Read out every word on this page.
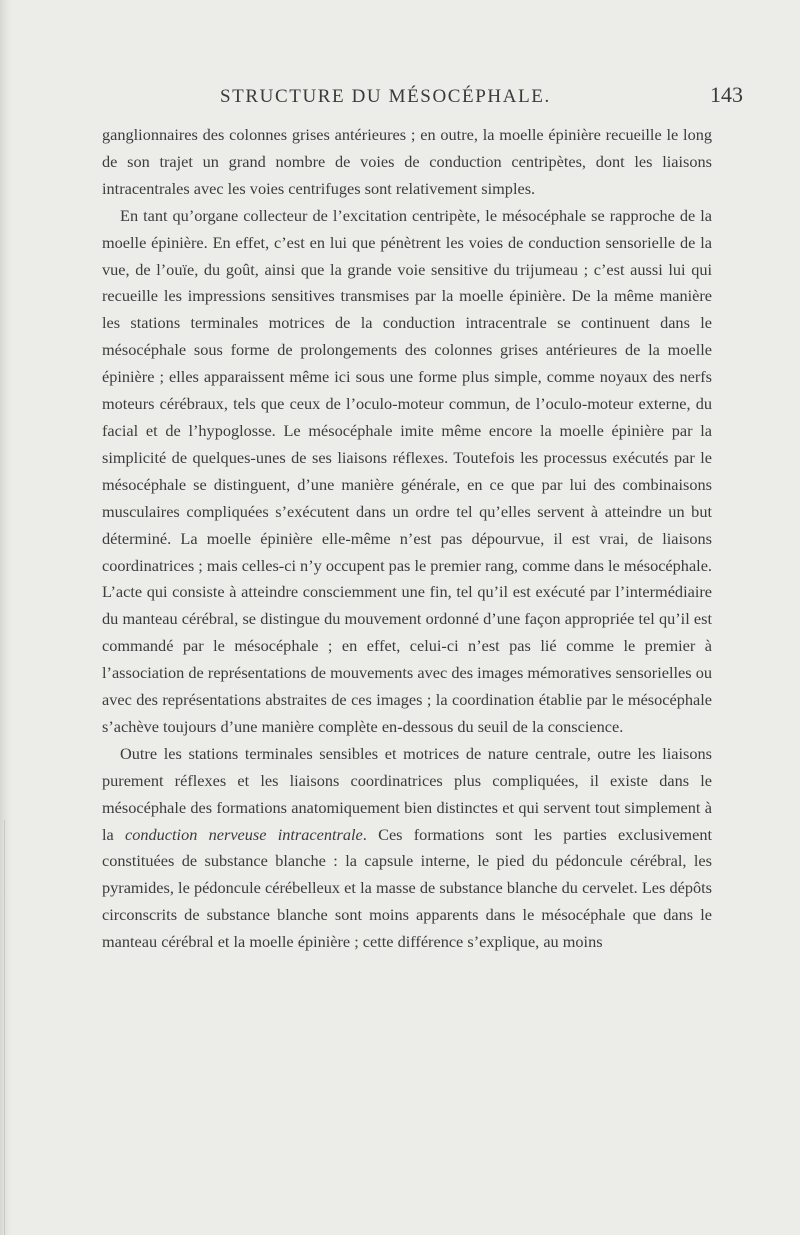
STRUCTURE DU MÉSOCÉPHALE.	143

ganglionnaires des colonnes grises antérieures ; en outre, la moelle épinière recueille le long de son trajet un grand nombre de voies de conduction centripètes, dont les liaisons intracentrales avec les voies centrifuges sont relativement simples.

En tant qu’organe collecteur de l’excitation centripète, le mésocéphale se rapproche de la moelle épinière. En effet, c’est en lui que pénètrent les voies de conduction sensorielle de la vue, de l’ouïe, du goût, ainsi que la grande voie sensitive du trijumeau ; c’est aussi lui qui recueille les impressions sensitives transmises par la moelle épinière. De la même manière les stations terminales motrices de la conduction intracentrale se continuent dans le mésocéphale sous forme de prolongements des colonnes grises antérieures de la moelle épinière ; elles apparaissent même ici sous une forme plus simple, comme noyaux des nerfs moteurs cérébraux, tels que ceux de l’oculo-moteur commun, de l’oculo-moteur externe, du facial et de l’hypoglosse. Le mésocéphale imite même encore la moelle épinière par la simplicité de quelques-unes de ses liaisons réflexes. Toutefois les processus exécutés par le mésocéphale se distinguent, d’une manière générale, en ce que par lui des combinaisons musculaires compliquées s’exécutent dans un ordre tel qu’elles servent à atteindre un but déterminé. La moelle épinière elle-même n’est pas dépourvue, il est vrai, de liaisons coordinatrices ; mais celles-ci n’y occupent pas le premier rang, comme dans le mésocéphale. L’acte qui consiste à atteindre consciemment une fin, tel qu’il est exécuté par l’intermédiaire du manteau cérébral, se distingue du mouvement ordonné d’une façon appropriée tel qu’il est commandé par le mésocéphale ; en effet, celui-ci n’est pas lié comme le premier à l’association de représentations de mouvements avec des images mémoratives sensorielles ou avec des représentations abstraites de ces images ; la coordination établie par le mésocéphale s’achève toujours d’une manière complète en-dessous du seuil de la conscience.

Outre les stations terminales sensibles et motrices de nature centrale, outre les liaisons purement réflexes et les liaisons coordinatrices plus compliquées, il existe dans le mésocéphale des formations anatomiquement bien distinctes et qui servent tout simplement à la conduction nerveuse intracentrale. Ces formations sont les parties exclusivement constituées de substance blanche : la capsule interne, le pied du pédoncule cérébral, les pyramides, le pédoncule cérébelleux et la masse de substance blanche du cervelet. Les dépôts circonscrits de substance blanche sont moins apparents dans le mésocéphale que dans le manteau cérébral et la moelle épinière ; cette différence s’explique, au moins
